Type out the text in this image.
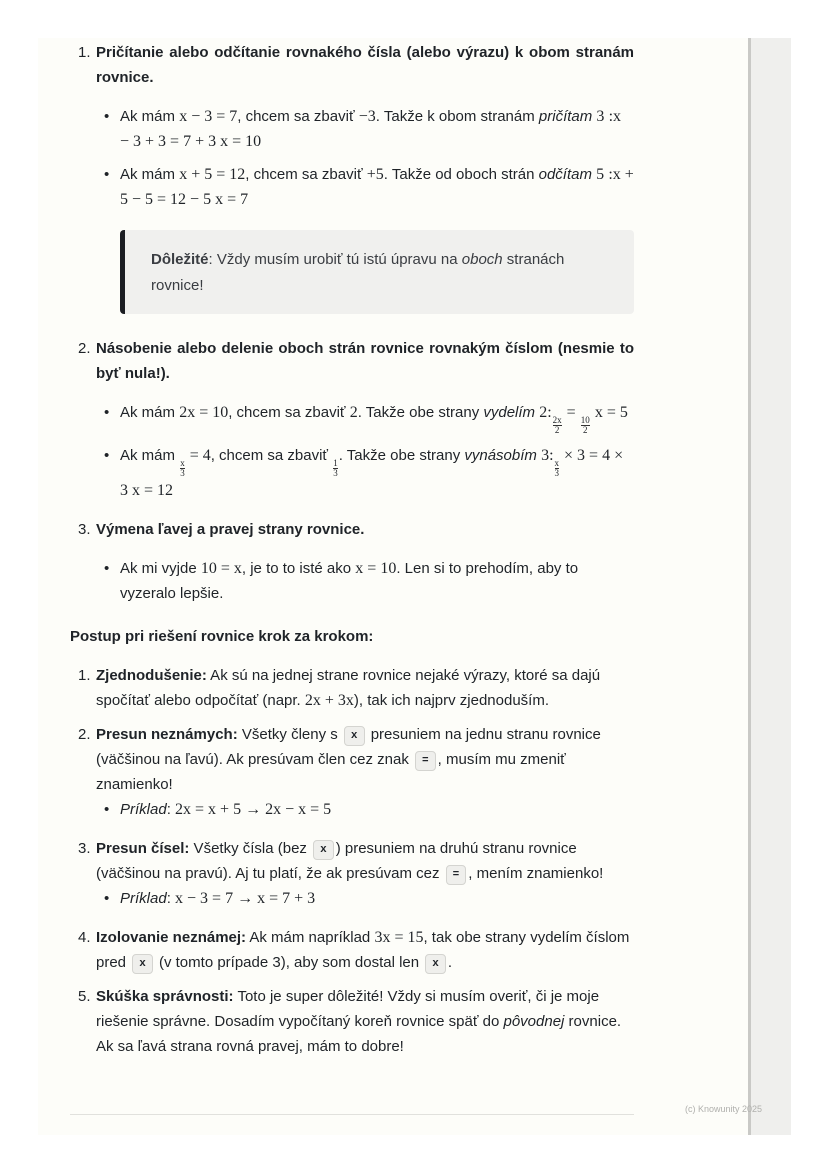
1. Pričítanie alebo odčítanie rovnakého čísla (alebo výrazu) k obom stranám rovnice.

• Ak mám x − 3 = 7, chcem sa zbaviť −3. Takže k obom stranám pričítam 3 :x − 3 + 3 = 7 + 3 x = 10
• Ak mám x + 5 = 12, chcem sa zbaviť +5. Takže od oboch strán odčítam 5 :x + 5 − 5 = 12 − 5 x = 7
Dôležité: Vždy musím urobiť tú istú úpravu na oboch stranách rovnice!
2. Násobenie alebo delenie oboch strán rovnice rovnakým číslom (nesmie to byť nula!).

• Ak mám 2x = 10, chcem sa zbaviť 2. Takže obe strany vydelím 2:
$\frac{2x}{2}$
=
$\frac{10}{2}$
x = 5
• Ak mám
$\frac{x}{3}$
= 4, chcem sa zbaviť
$\frac{1}{3}$
. Takže obe strany vynásobím 3:
$\frac{x}{3}$
× 3 = 4 × 3 x = 12
3. Výmena ľavej a pravej strany rovnice.

• Ak mi vyjde 10 = x, je to to isté ako x = 10. Len si to prehodím, aby to vyzeralo lepšie.
Postup pri riešení rovnice krok za krokom:
1. Zjednodušenie: Ak sú na jednej strane rovnice nejaké výrazy, ktoré sa dajú spočítať alebo odpočítať (napr. 2x + 3x), tak ich najprv zjednoduším.
2. Presun neznámych: Všetky členy s x presuniem na jednu stranu rovnice (väčšinou na ľavú). Ak presúvam člen cez znak = , musím mu zmeniť znamienko!
• Príklad: 2x = x + 5 → 2x − x = 5
3. Presun čísel: Všetky čísla (bez x ) presuniem na druhú stranu rovnice (väčšinou na pravú). Aj tu platí, že ak presúvam cez = , mením znamienko!
• Príklad: x − 3 = 7 → x = 7 + 3
4. Izolovanie neznámej: Ak mám napríklad 3x = 15, tak obe strany vydelím číslom pred x (v tomto prípade 3), aby som dostal len x .
5. Skúška správnosti: Toto je super dôležité! Vždy si musím overiť, či je moje riešenie správne. Dosadím vypočítaný koreň rovnice späť do pôvodnej rovnice. Ak sa ľavá strana rovná pravej, mám to dobre!
(c) Knowunity 2025
